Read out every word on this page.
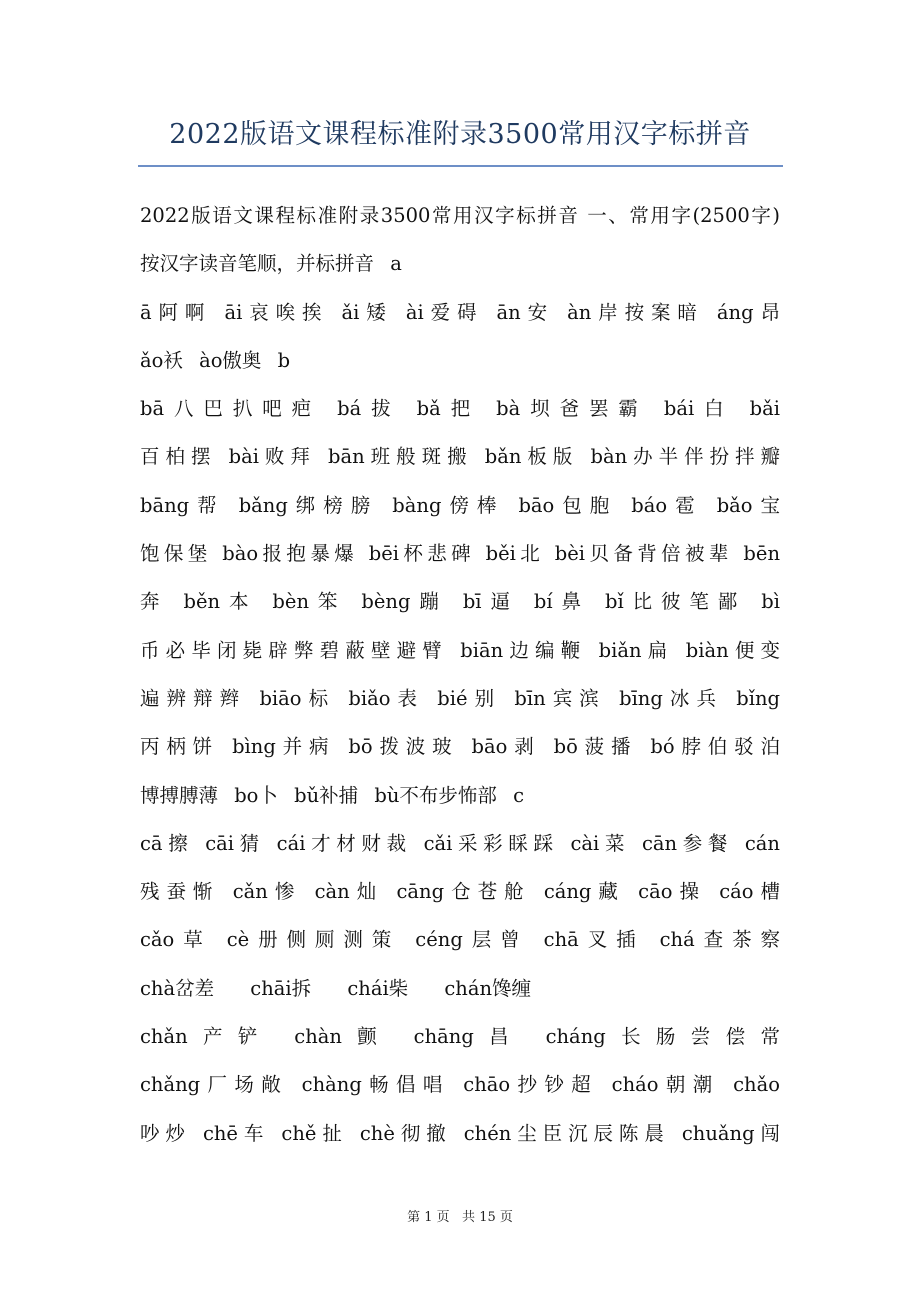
2022版语文课程标准附录3500常用汉字标拼音
2022版语文课程标准附录3500常用汉字标拼音 一、常用字(2500字)
按汉字读音笔顺，并标拼音 a
ā阿啊 āi哀唉挨 ǎi矮 ài爱碍 ān安 àn岸按案暗 áng昂
ǎo袄 ào傲奥 b
bā八巴扒吧疤 bá拔 bǎ把 bà坝爸罢霸 bái白 bǎi
百柏摆 bài败拜 bān班般斑搬 bǎn板版 bàn办半伴扮拌瓣
bāng帮 bǎng绑榜膀 bàng傍棒 bāo包胞 báo雹 bǎo宝
饱保堡 bào报抱暴爆 bēi杯悲碑 běi北 bèi贝备背倍被辈 bēn
奔 běn本 bèn笨 bèng蹦 bī逼 bí鼻 bǐ比彼笔鄙 bì
币必毕闭毙辟弊碧蔽壁避臂 biān边编鞭 biǎn扁 biàn便变
遍辨辩辫 biāo标 biǎo表 bié别 bīn宾滨 bīng冰兵 bǐng
丙柄饼 bìng并病 bō拨波玻 bāo剥 bō菠播 bó脖伯驳泊
博搏膊薄 bo卜 bǔ补捕 bù不布步怖部 c
cā擦 cāi猜 cái才材财裁 cǎi采彩睬踩 cài菜 cān参餐 cán
残蚕惭 cǎn惨 càn灿 cāng仓苍舱 cáng藏 cāo操 cáo槽
cǎo草 cè册侧厕测策 céng层曾 chā叉插 chá查茶察
chà岔差 chāi拆 chái柴 chán馋缠
chǎn产铲 chàn颤 chāng昌 cháng长肠尝偿常
chǎng厂场敞 chàng畅倡唱 chāo抄钞超 cháo朝潮 chǎo
吵炒 chē车 chě扯 chè彻撤 chén尘臣沉辰陈晨 chuǎng闯
第 1 页   共 15 页
